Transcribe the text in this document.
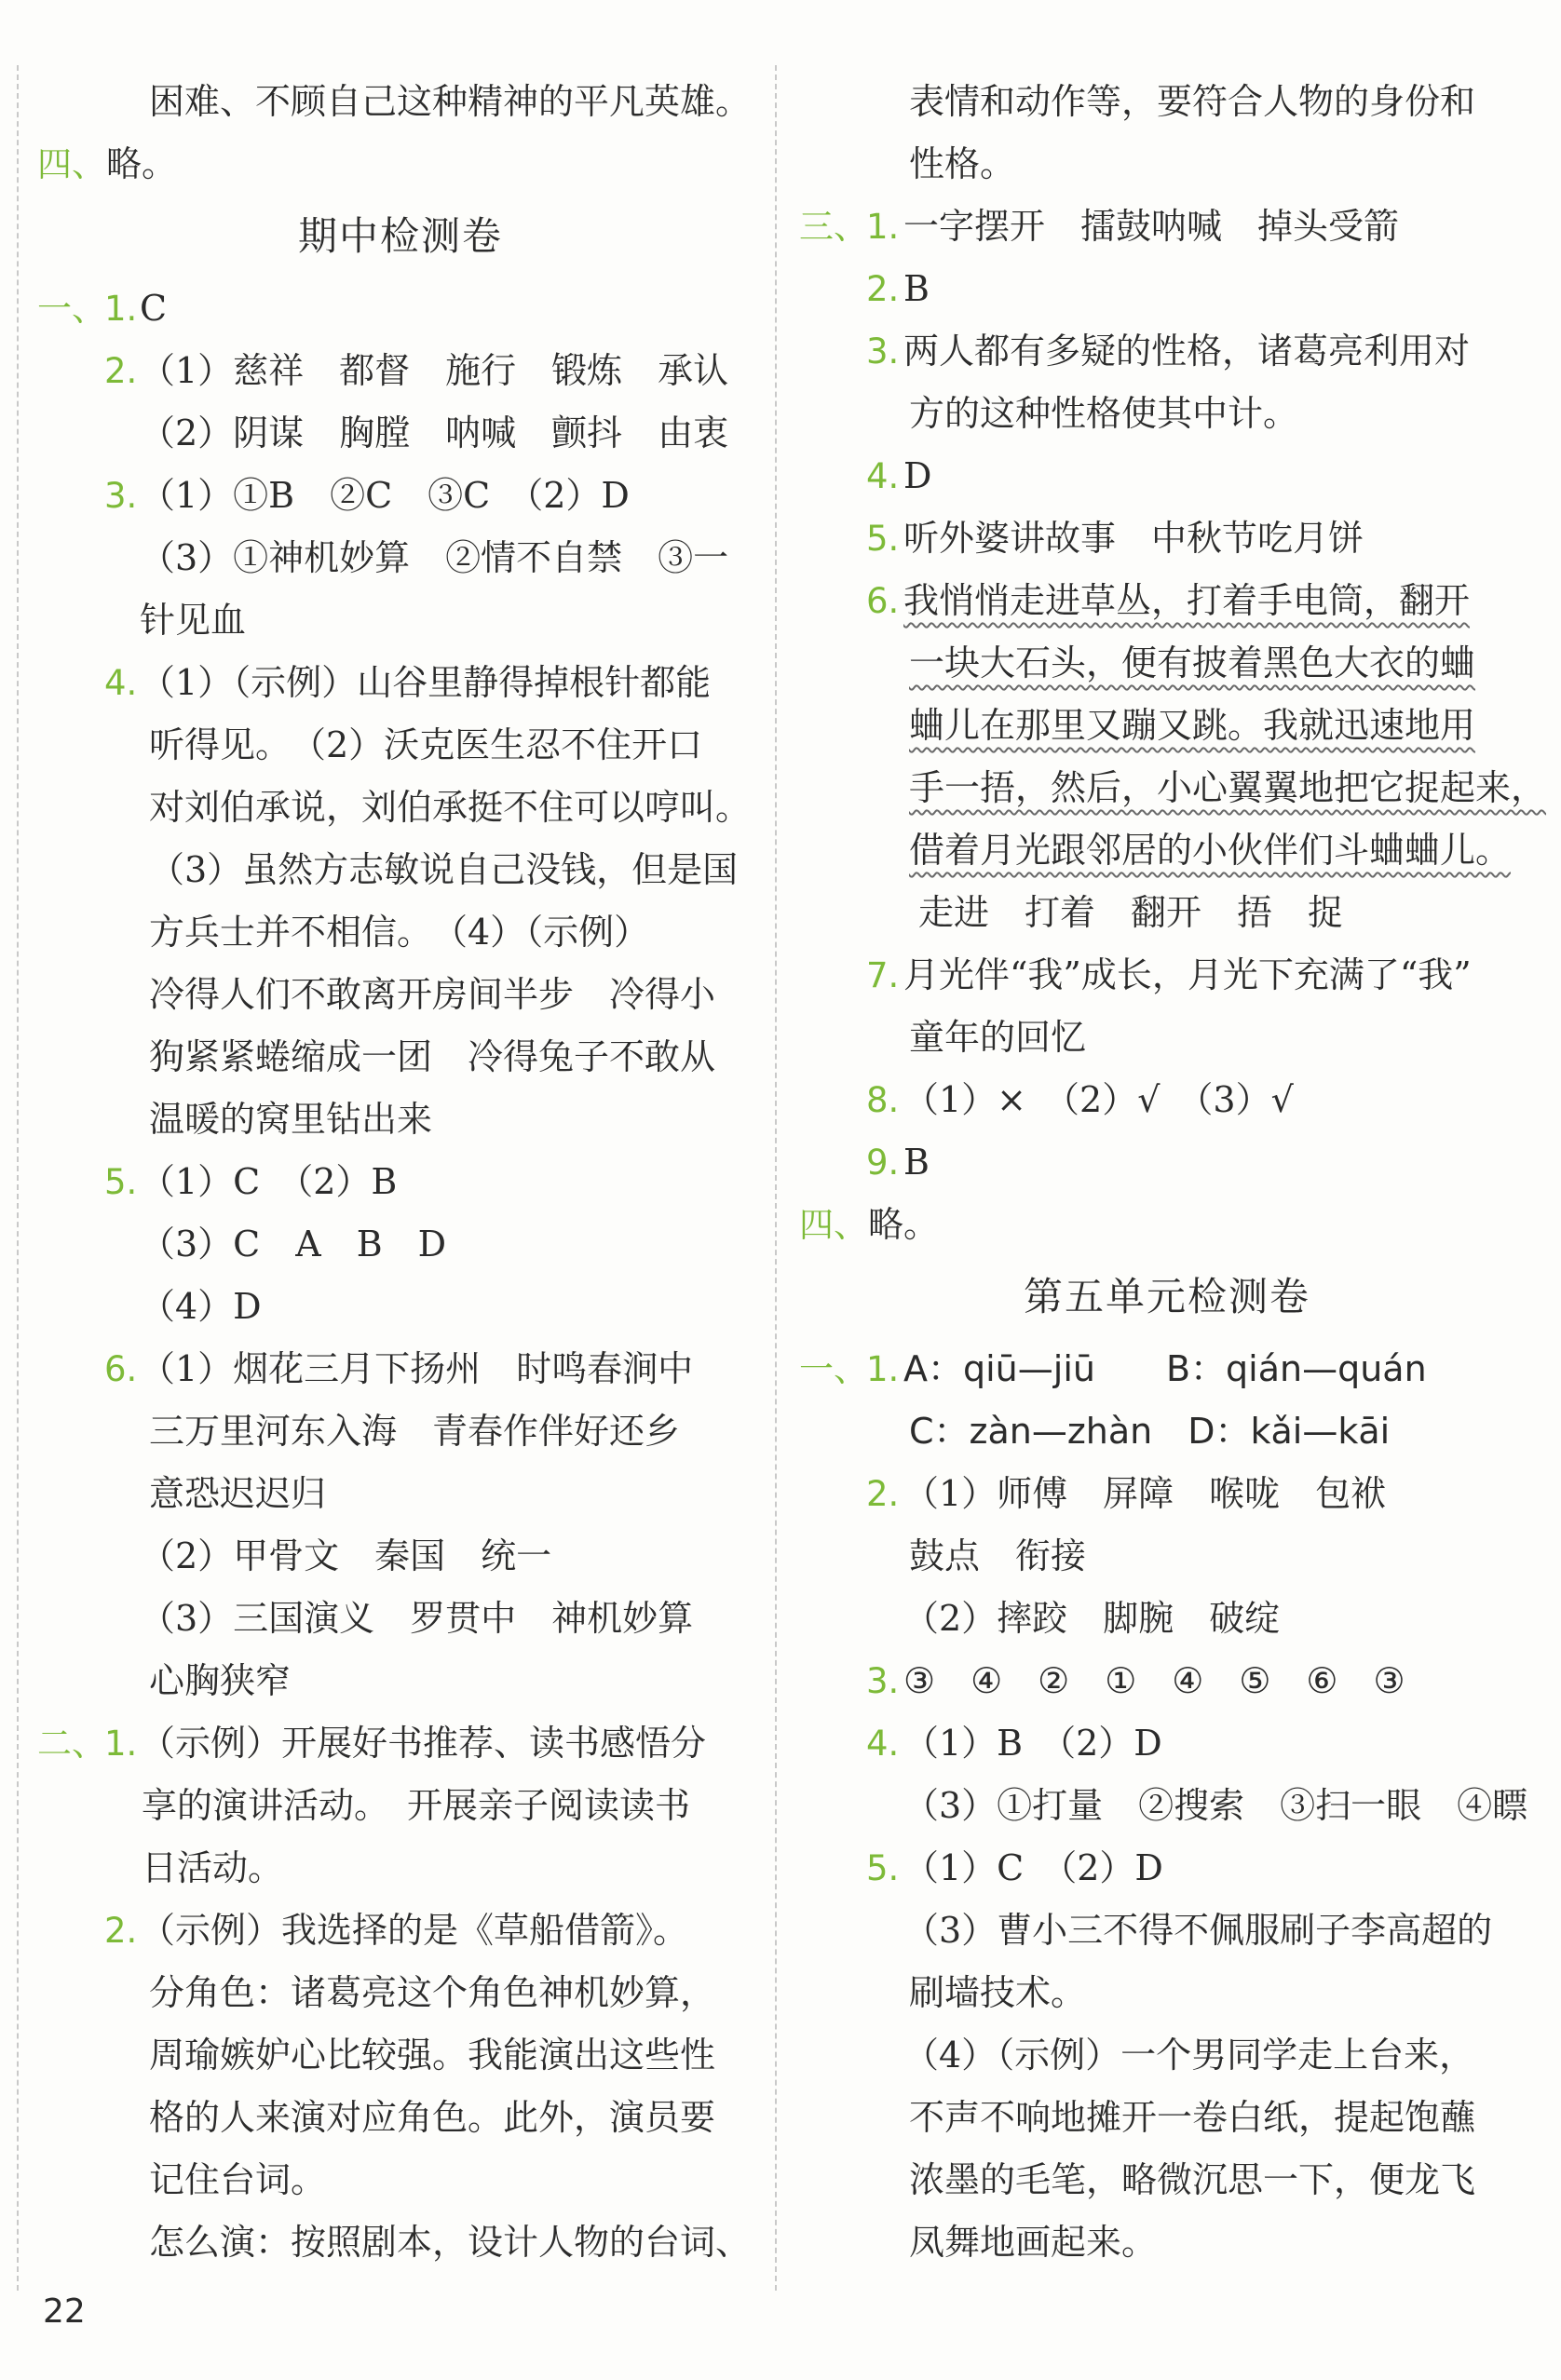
困难、不顾自己这种精神的平凡英雄。
四、 略。
期中检测卷
一、
1. C
2. （1）慈祥　都督　施行　锻炼　承认
（2）阴谋　胸膛　呐喊　颤抖　由衷
3. （1）①B　②C　③C　（2）D
（3）①神机妙算　②情不自禁　③一
针见血
4. （1）（示例）山谷里静得掉根针都能
听得见。　（2）沃克医生忍不住开口
对刘伯承说，刘伯承挺不住可以哼叫。
（3）虽然方志敏说自己没钱，但是国
方兵士并不相信。　（4）（示例）
冷得人们不敢离开房间半步　冷得小
狗紧紧蜷缩成一团　冷得兔子不敢从
温暖的窝里钻出来
5. （1）C　（2）B
（3）C　A　B　D
（4）D
6. （1）烟花三月下扬州　时鸣春涧中
三万里河东入海　青春作伴好还乡
意恐迟迟归
（2）甲骨文　秦国　统一
（3）三国演义　罗贯中　神机妙算
心胸狭窄
二、
1. （示例）开展好书推荐、读书感悟分
享的演讲活动。　开展亲子阅读读书
日活动。
2. （示例）我选择的是《草船借箭》。
分角色：诸葛亮这个角色神机妙算，
周瑜嫉妒心比较强。我能演出这些性
格的人来演对应角色。此外，演员要
记住台词。
怎么演：按照剧本，设计人物的台词、
表情和动作等，要符合人物的身份和
性格。
三、
1. 一字摆开　擂鼓呐喊　掉头受箭
2. B
3. 两人都有多疑的性格，诸葛亮利用对
方的这种性格使其中计。
4. D
5. 听外婆讲故事　中秋节吃月饼
6. 我悄悄走进草丛，打着手电筒，翻开
一块大石头，便有披着黑色大衣的蛐
蛐儿在那里又蹦又跳。我就迅速地用
手一捂，然后，小心翼翼地把它捉起来，
借着月光跟邻居的小伙伴们斗蛐蛐儿。
走进　打着　翻开　捂　捉
7. 月光伴“我”成长，月光下充满了“我”
童年的回忆
8. （1）×　（2）√　（3）√
9. B
四、 略。
第五单元检测卷
一、
1. A：qiū—jiū　　B：qián—quán
C：zàn—zhàn　D：kǎi—kāi
2. （1）师傅　屏障　喉咙　包袱
鼓点　衔接
（2）摔跤　脚腕　破绽
3. ③　④　②　①　④　⑤　⑥　③
4. （1）B　（2）D
（3）①打量　②搜索　③扫一眼　④瞟
5. （1）C　（2）D
（3）曹小三不得不佩服刷子李高超的
刷墙技术。
（4）（示例）一个男同学走上台来，
不声不响地摊开一卷白纸，提起饱蘸
浓墨的毛笔，略微沉思一下，便龙飞
凤舞地画起来。
22
